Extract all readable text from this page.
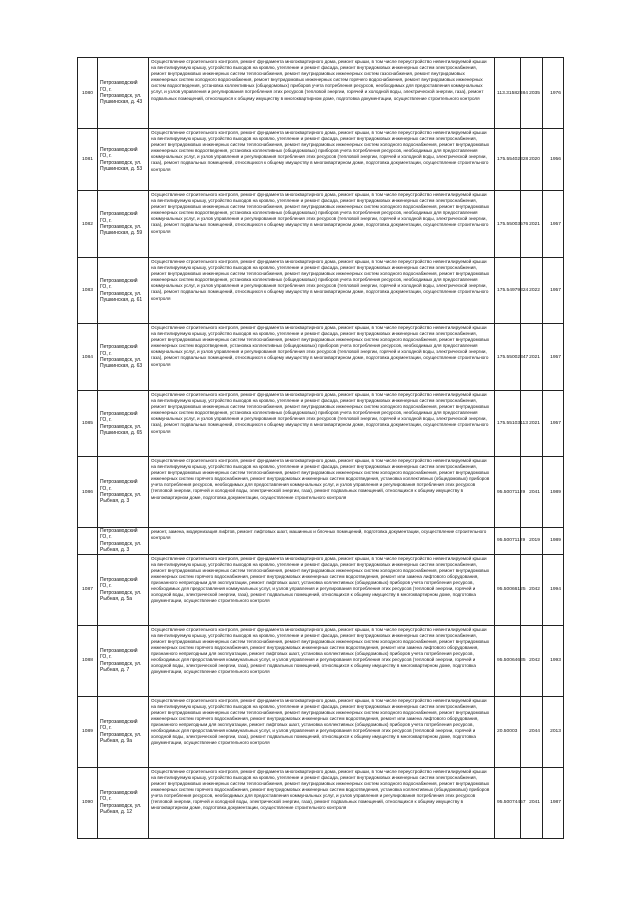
1080	Петрозаводский ГО, г. Петрозаводск, ул. Пушкинская, д. 43	Осуществление строительного контроля, ремонт фундамента многоквартирного дома, ремонт крыши, в том числе переустройство невентилируемой крыши на вентилируемую крышу, устройство выходов на кровлю, утепление и ремонт фасада, ремонт внутридомовых инженерных систем электроснабжения, ремонт внутридомовых инженерных систем теплоснабжения, ремонт внутридомовых инженерных систем газоснабжения, ремонт внутридомовых инженерных систем холодного водоснабжения, ремонт внутридомовых инженерных систем горячего водоснабжения, ремонт внутридомовых инженерных систем водоотведения, установка коллективных (общедомовых) приборов учета потребления ресурсов, необходимых для предоставления коммунальных услуг, и узлов управления и регулирования потребления этих ресурсов (тепловой энергии, горячей и холодной воды, электрической энергии, газа), ремонт подвальных помещений, относящихся к общему имуществу в многоквартирном доме, подготовка документации, осуществление строительного контроля	113.31582884	2035	1976
1081	Петрозаводский ГО, г. Петрозаводск, ул. Пушкинская, д. 53	Осуществление строительного контроля, ремонт фундамента многоквартирного дома, ремонт крыши, в том числе переустройство невентилируемой крыши на вентилируемую крышу, устройство выходов на кровлю, утепление и ремонт фасада, ремонт внутридомовых инженерных систем электроснабжения, ремонт внутридомовых инженерных систем теплоснабжения, ремонт внутридомовых инженерных систем холодного водоснабжения, ремонт внутридомовых инженерных систем водоотведения, установка коллективных (общедомовых) приборов учета потребления ресурсов, необходимых для предоставления коммунальных услуг, и узлов управления и регулирования потребления этих ресурсов (тепловой энергии, горячей и холодной воды, электрической энергии, газа), ремонт подвальных помещений, относящихся к общему имуществу в многоквартирном доме, подготовка документации, осуществление строительного контроля	175.55402328	2020	1956
1082	Петрозаводский ГО, г. Петрозаводск, ул. Пушкинская, д. 59	Осуществление строительного контроля, ремонт фундамента многоквартирного дома, ремонт крыши, в том числе переустройство невентилируемой крыши на вентилируемую крышу, устройство выходов на кровлю, утепление и ремонт фасада, ремонт внутридомовых инженерных систем электроснабжения, ремонт внутридомовых инженерных систем теплоснабжения, ремонт внутридомовых инженерных систем холодного водоснабжения, ремонт внутридомовых инженерных систем водоотведения, установка коллективных (общедомовых) приборов учета потребления ресурсов, необходимых для предоставления коммунальных услуг, и узлов управления и регулирования потребления этих ресурсов (тепловой энергии, горячей и холодной воды, электрической энергии, газа), ремонт подвальных помещений, относящихся к общему имуществу в многоквартирном доме, подготовка документации, осуществление строительного контроля	175.55003576	2021	1957
1083	Петрозаводский ГО, г. Петрозаводск, ул. Пушкинская, д. 61	Осуществление строительного контроля, ремонт фундамента многоквартирного дома, ремонт крыши, в том числе переустройство невентилируемой крыши на вентилируемую крышу, устройство выходов на кровлю, утепление и ремонт фасада, ремонт внутридомовых инженерных систем электроснабжения, ремонт внутридомовых инженерных систем теплоснабжения, ремонт внутридомовых инженерных систем холодного водоснабжения, ремонт внутридомовых инженерных систем водоотведения, установка коллективных (общедомовых) приборов учета потребления ресурсов, необходимых для предоставления коммунальных услуг, и узлов управления и регулирования потребления этих ресурсов (тепловой энергии, горячей и холодной воды, электрической энергии, газа), ремонт подвальных помещений, относящихся к общему имуществу в многоквартирном доме, подготовка документации, осуществление строительного контроля	175.54979324	2022	1957
1084	Петрозаводский ГО, г. Петрозаводск, ул. Пушкинская, д. 63	Осуществление строительного контроля, ремонт фундамента многоквартирного дома, ремонт крыши, в том числе переустройство невентилируемой крыши на вентилируемую крышу, устройство выходов на кровлю, утепление и ремонт фасада, ремонт внутридомовых инженерных систем электроснабжения, ремонт внутридомовых инженерных систем теплоснабжения, ремонт внутридомовых инженерных систем холодного водоснабжения, ремонт внутридомовых инженерных систем водоотведения, установка коллективных (общедомовых) приборов учета потребления ресурсов, необходимых для предоставления коммунальных услуг, и узлов управления и регулирования потребления этих ресурсов (тепловой энергии, горячей и холодной воды, электрической энергии, газа), ремонт подвальных помещений, относящихся к общему имуществу в многоквартирном доме, подготовка документации, осуществление строительного контроля	175.55002347	2021	1957
1085	Петрозаводский ГО, г. Петрозаводск, ул. Пушкинская, д. 65	Осуществление строительного контроля, ремонт фундамента многоквартирного дома, ремонт крыши, в том числе переустройство невентилируемой крыши на вентилируемую крышу, устройство выходов на кровлю, утепление и ремонт фасада, ремонт внутридомовых инженерных систем электроснабжения, ремонт внутридомовых инженерных систем теплоснабжения, ремонт внутридомовых инженерных систем холодного водоснабжения, ремонт внутридомовых инженерных систем водоотведения, установка коллективных (общедомовых) приборов учета потребления ресурсов, необходимых для предоставления коммунальных услуг, и узлов управления и регулирования потребления этих ресурсов (тепловой энергии, горячей и холодной воды, электрической энергии, газа), ремонт подвальных помещений, относящихся к общему имуществу в многоквартирном доме, подготовка документации, осуществление строительного контроля	175.55103113	2021	1957
1086	Петрозаводский ГО, г. Петрозаводск, ул. Рыбная, д. 3	Осуществление строительного контроля, ремонт фундамента многоквартирного дома, ремонт крыши, в том числе переустройство невентилируемой крыши на вентилируемую крышу, устройство выходов на кровлю, утепление и ремонт фасада, ремонт внутридомовых инженерных систем электроснабжения, ремонт внутридомовых инженерных систем теплоснабжения, ремонт внутридомовых инженерных систем холодного водоснабжения, ремонт внутридомовых инженерных систем горячего водоснабжения, ремонт внутридомовых инженерных систем водоотведения, установка коллективных (общедомовых) приборов учета потребления ресурсов, необходимых для предоставления коммунальных услуг, и узлов управления и регулирования потребления этих ресурсов (тепловой энергии, горячей и холодной воды, электрической энергии, газа), ремонт подвальных помещений, относящихся к общему имуществу в многоквартирном доме, подготовка документации, осуществление строительного контроля	95.50071129	2041	1989
	Петрозаводский ГО, г. Петрозаводск, ул. Рыбная, д. 3	ремонт, замена, модернизация лифтов, ремонт лифтовых шахт, машинных и блочных помещений, подготовка документации, осуществление строительного контроля	95.50071129	2019	1989
1087	Петрозаводский ГО, г. Петрозаводск, ул. Рыбная, д. 5а	Осуществление строительного контроля, ремонт фундамента многоквартирного дома, ремонт крыши, в том числе переустройство невентилируемой крыши на вентилируемую крышу, устройство выходов на кровлю, утепление и ремонт фасада, ремонт внутридомовых инженерных систем электроснабжения, ремонт внутридомовых инженерных систем теплоснабжения, ремонт внутридомовых инженерных систем холодного водоснабжения, ремонт внутридомовых инженерных систем горячего водоснабжения, ремонт внутридомовых инженерных систем водоотведения, ремонт или замена лифтового оборудования, признанного непригодным для эксплуатации, ремонт лифтовых шахт, установка коллективных (общедомовых) приборов учета потребления ресурсов, необходимых для предоставления коммунальных услуг, и узлов управления и регулирования потребления этих ресурсов (тепловой энергии, горячей и холодной воды, электрической энергии, газа), ремонт подвальных помещений, относящихся к общему имуществу в многоквартирном доме, подготовка документации, осуществление строительного контроля	95.50066125	2042	1994
1088	Петрозаводский ГО, г. Петрозаводск, ул. Рыбная, д. 7	Осуществление строительного контроля, ремонт фундамента многоквартирного дома, ремонт крыши, в том числе переустройство невентилируемой крыши на вентилируемую крышу, устройство выходов на кровлю, утепление и ремонт фасада, ремонт внутридомовых инженерных систем электроснабжения, ремонт внутридомовых инженерных систем теплоснабжения, ремонт внутридомовых инженерных систем холодного водоснабжения, ремонт внутридомовых инженерных систем горячего водоснабжения, ремонт внутридомовых инженерных систем водоотведения, ремонт или замена лифтового оборудования, признанного непригодным для эксплуатации, ремонт лифтовых шахт, установка коллективных (общедомовых) приборов учета потребления ресурсов, необходимых для предоставления коммунальных услуг, и узлов управления и регулирования потребления этих ресурсов (тепловой энергии, горячей и холодной воды, электрической энергии, газа), ремонт подвальных помещений, относящихся к общему имуществу в многоквартирном доме, подготовка документации, осуществление строительного контроля	95.50064635	2042	1993
1089	Петрозаводский ГО, г. Петрозаводск, ул. Рыбная, д. 9а	Осуществление строительного контроля, ремонт фундамента многоквартирного дома, ремонт крыши, в том числе переустройство невентилируемой крыши на вентилируемую крышу, устройство выходов на кровлю, утепление и ремонт фасада, ремонт внутридомовых инженерных систем электроснабжения, ремонт внутридомовых инженерных систем теплоснабжения, ремонт внутридомовых инженерных систем холодного водоснабжения, ремонт внутридомовых инженерных систем горячего водоснабжения, ремонт внутридомовых инженерных систем водоотведения, ремонт или замена лифтового оборудования, признанного непригодным для эксплуатации, ремонт лифтовых шахт, установка коллективных (общедомовых) приборов учета потребления ресурсов, необходимых для предоставления коммунальных услуг, и узлов управления и регулирования потребления этих ресурсов (тепловой энергии, горячей и холодной воды, электрической энергии, газа), ремонт подвальных помещений, относящихся к общему имуществу в многоквартирном доме, подготовка документации, осуществление строительного контроля	20.50003	2044	2013
1090	Петрозаводский ГО, г. Петрозаводск, ул. Рыбная, д. 12	Осуществление строительного контроля, ремонт фундамента многоквартирного дома, ремонт крыши, в том числе переустройство невентилируемой крыши на вентилируемую крышу, устройство выходов на кровлю, утепление и ремонт фасада, ремонт внутридомовых инженерных систем электроснабжения, ремонт внутридомовых инженерных систем теплоснабжения, ремонт внутридомовых инженерных систем холодного водоснабжения, ремонт внутридомовых инженерных систем горячего водоснабжения, ремонт внутридомовых инженерных систем водоотведения, установка коллективных (общедомовых) приборов учета потребления ресурсов, необходимых для предоставления коммунальных услуг, и узлов управления и регулирования потребления этих ресурсов (тепловой энергии, горячей и холодной воды, электрической энергии, газа), ремонт подвальных помещений, относящихся к общему имуществу в многоквартирном доме, подготовка документации, осуществление строительного контроля	95.50074457	2041	1987
